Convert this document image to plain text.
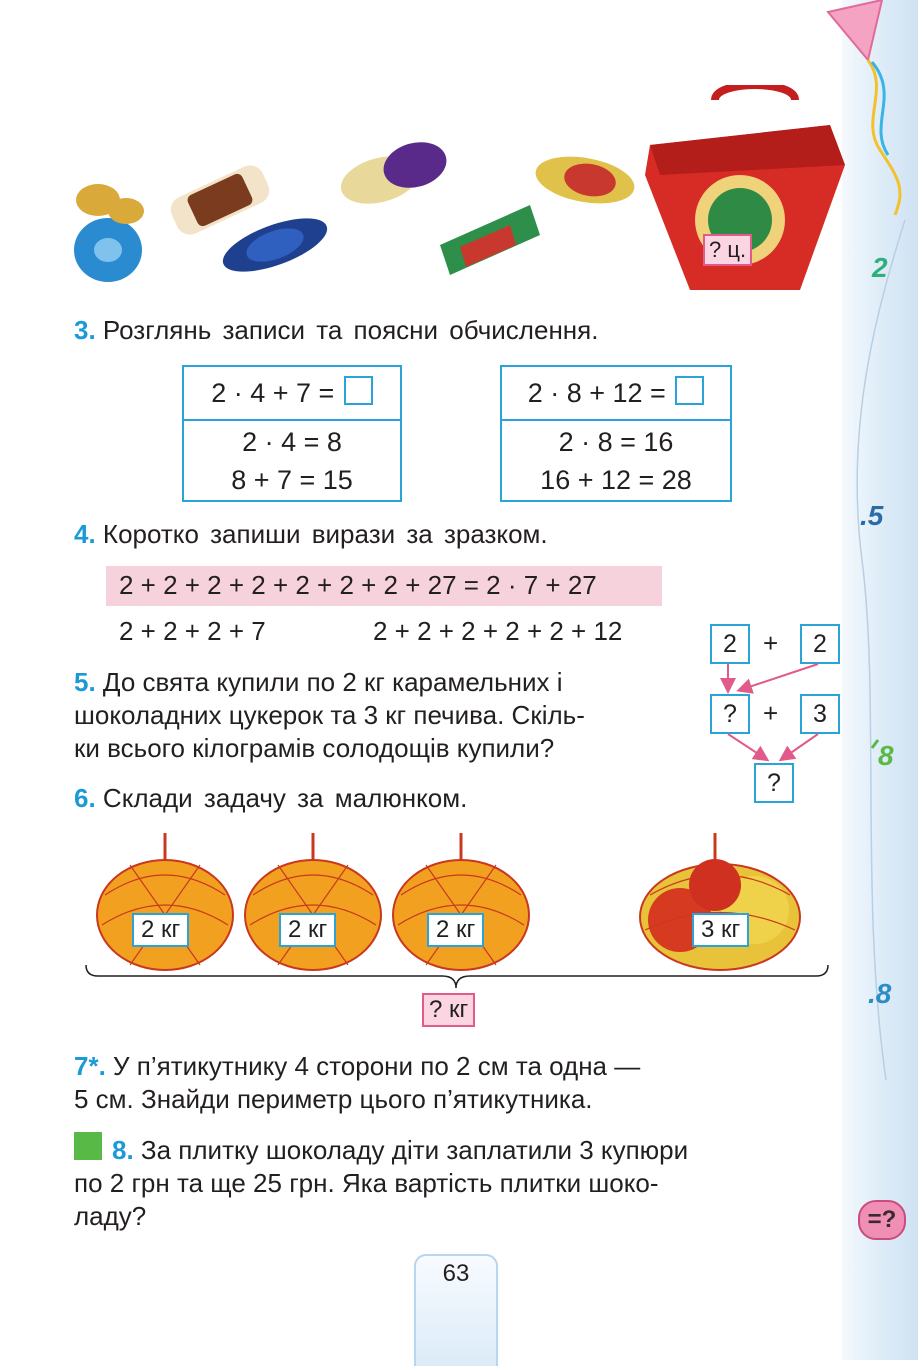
2
.5
8
.8
=?
? ц.
3. Розглянь записи та поясни обчислення.
2 · 4 + 7 =
2 · 4 = 8
8 + 7 = 15
2 · 8 + 12 =
2 · 8 = 16
16 + 12 = 28
4. Коротко запиши вирази за зразком.
2 + 2 + 2 + 2 + 2 + 2 + 2 + 27 = 2 · 7 + 27
2 + 2 + 2 + 7	2 + 2 + 2 + 2 + 2 + 12
5. До свята купили по 2 кг карамельних і
шоколадних цукерок та 3 кг печива. Скіль-
ки всього кілограмів солодощів купили?
2	+	2
?	+	3
?
6. Склади задачу за малюнком.
2 кг	2 кг	2 кг	3 кг
? кг
7*. У п’ятикутнику 4 сторони по 2 см та одна —
5 см. Знайди периметр цього п’ятикутника.
8. За плитку шоколаду діти заплатили 3 купюри
по 2 грн та ще 25 грн. Яка вартість плитки шоко-
ладу?
63
